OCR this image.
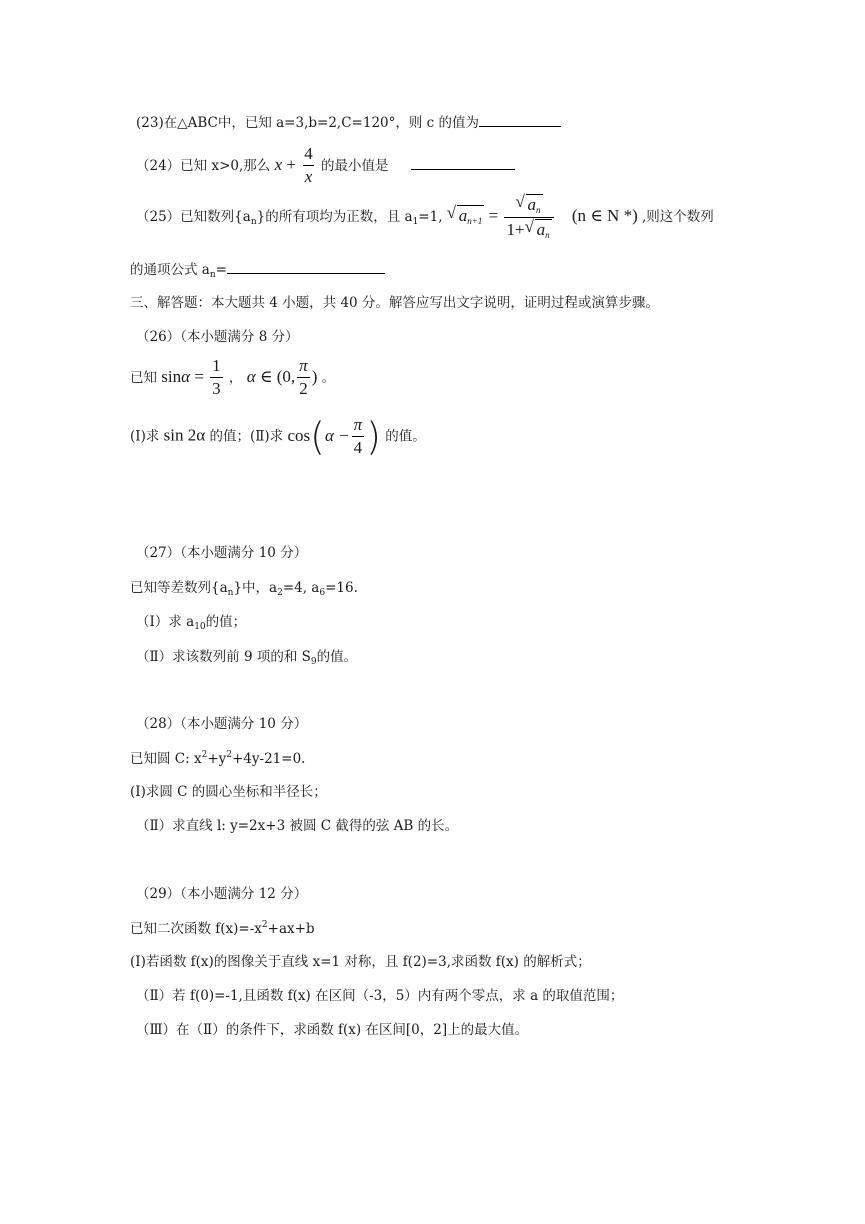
(23)在△ABC中，已知 a=3,b=2,C=120°，则 c 的值为
（24）已知 x>0,那么 $x + \frac{4}{x}$ 的最小值是
（25）已知数列$\{a_n\}$的所有项均为正数，且 $a_1=1$, √ $a_{n+1} = \frac{√ a_n}{1+ √ a_n} (n$ ∈ N *) ,则这个数列
的通项公式 $a_n=$
三、解答题：本大题共 4 小题，共 40 分。解答应写出文字说明，证明过程或演算步骤。
（26）（本小题满分 8 分）
已知 $\sin\alpha = \frac{1}{3}$ ， α ∈ (0, $\frac{\pi}{2}$ ) 。
(Ⅰ)求 sin 2α 的值；(Ⅱ)求 $\cos(\alpha - \frac{\pi}{4}$ ) 的值。
（27）（本小题满分 10 分）
已知等差数列$\{a_n\}$中，$a_2=4$, $a_6=16$.
（Ⅰ）求 $a_{10}$的值；
（Ⅱ）求该数列前 9 项的和 $S_9$的值。
（28）（本小题满分 10 分）
已知圆 C: $x^2+y^2+4y-21=0$.
(Ⅰ)求圆 C 的圆心坐标和半径长；
（Ⅱ）求直线 l: y=2x+3 被圆 C 截得的弦 AB 的长。
（29）（本小题满分 12 分）
已知二次函数 $f(x)=-x^2+ax+b$
(Ⅰ)若函数 f(x)的图像关于直线 x=1 对称，且 f(2)=3,求函数 f(x) 的解析式；
（Ⅱ）若 f(0)=-1,且函数 f(x) 在区间（-3，5）内有两个零点，求 a 的取值范围；
（Ⅲ）在（Ⅱ）的条件下，求函数 f(x) 在区间[0，2]上的最大值。
